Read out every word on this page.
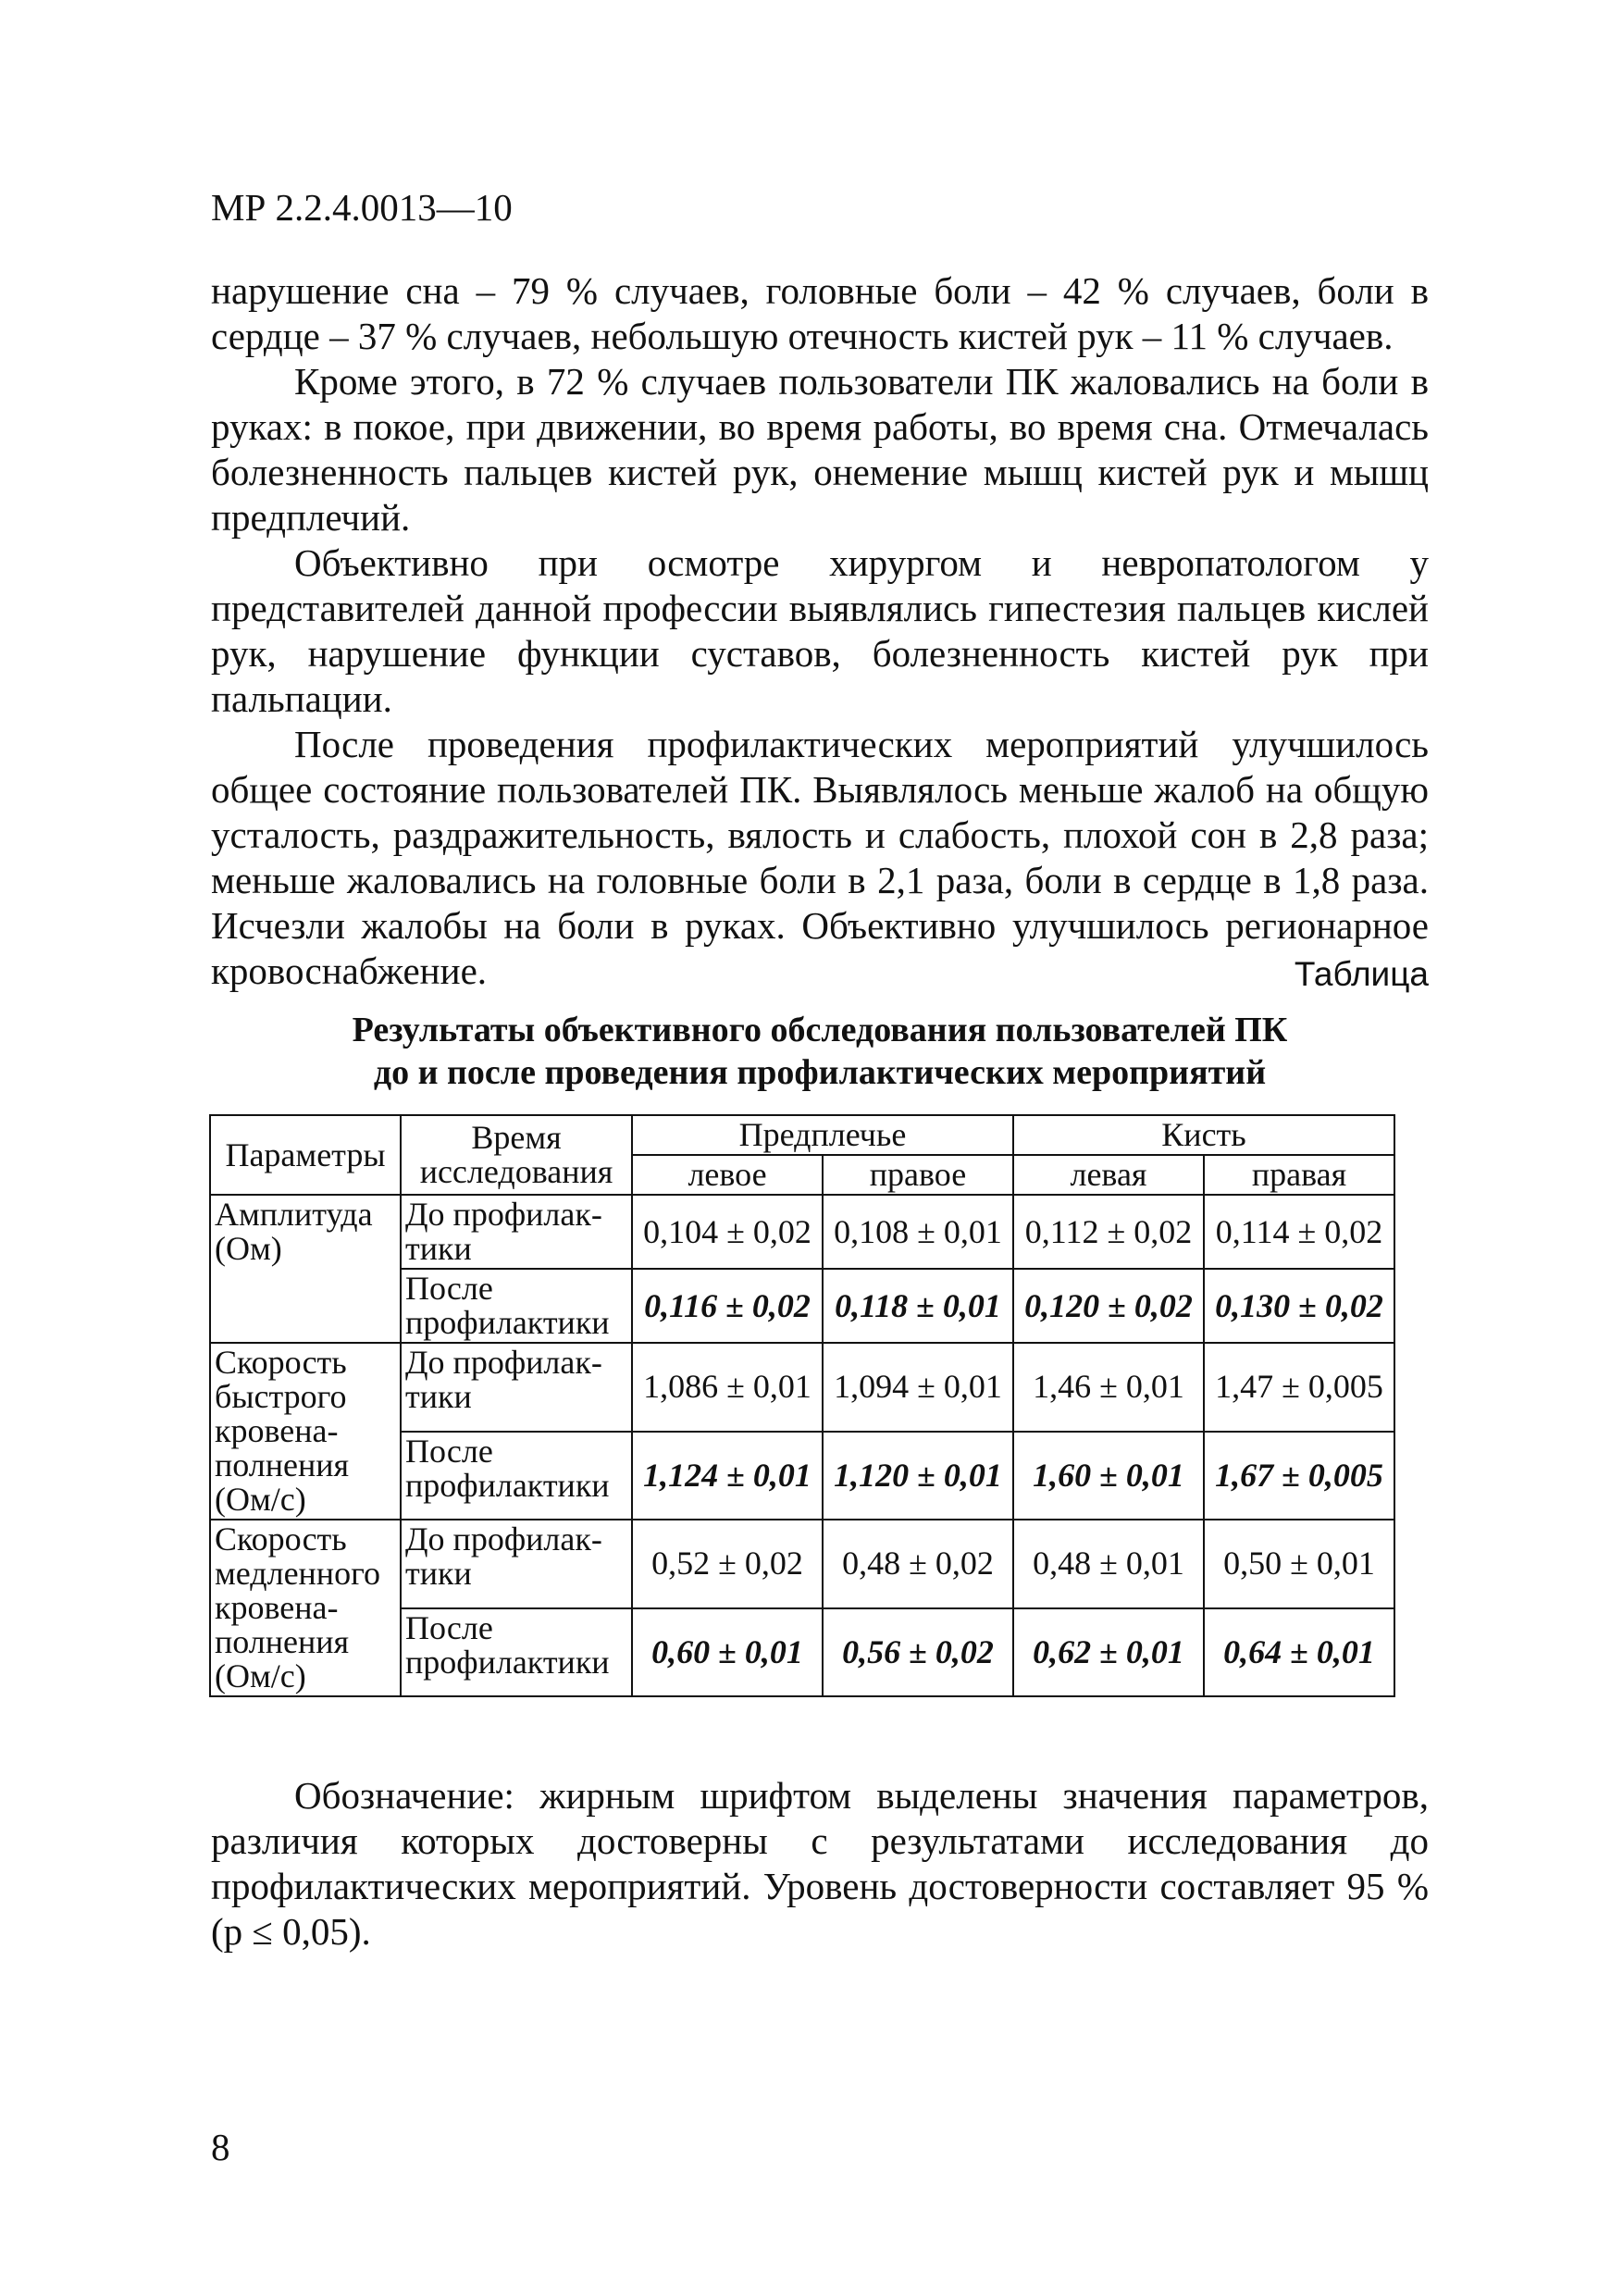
МР 2.2.4.0013—10

нарушение сна – 79 % случаев, головные боли – 42 % случаев, боли в сердце – 37 % случаев, небольшую отечность кистей рук – 11 % случаев.

Кроме этого, в 72 % случаев пользователи ПК жаловались на боли в руках: в покое, при движении, во время работы, во время сна. Отмечалась болезненность пальцев кистей рук, онемение мышц кистей рук и мышц предплечий.

Объективно при осмотре хирургом и невропатологом у представителей данной профессии выявлялись гипестезия пальцев кислей рук, нарушение функции суставов, болезненность кистей рук при пальпации.

После проведения профилактических мероприятий улучшилось общее состояние пользователей ПК. Выявлялось меньше жалоб на общую усталость, раздражительность, вялость и слабость, плохой сон в 2,8 раза; меньше жаловались на головные боли в 2,1 раза, боли в сердце в 1,8 раза. Исчезли жалобы на боли в руках. Объективно улучшилось регионарное кровоснабжение.	Таблица
Результаты объективного обследования пользователей ПК
до и после проведения профилактических мероприятий
Параметры	Время исследования	Предплечье		Кисть	
		левое	правое	левая	правая
Амплитуда (Ом)	До профилак-тики	0,104 ± 0,02	0,108 ± 0,01	0,112 ± 0,02	0,114 ± 0,02
	После профилактики	0,116 ± 0,02	0,118 ± 0,01	0,120 ± 0,02	0,130 ± 0,02
Скорость быстрого кровена-полнения (Ом/с)	До профилак-тики	1,086 ± 0,01	1,094 ± 0,01	1,46 ± 0,01	1,47 ± 0,005
	После профилактики	1,124 ± 0,01	1,120 ± 0,01	1,60 ± 0,01	1,67 ± 0,005
Скорость медленного кровена-полнения (Ом/с)	До профилак-тики	0,52 ± 0,02	0,48 ± 0,02	0,48 ± 0,01	0,50 ± 0,01
	После профилактики	0,60 ± 0,01	0,56 ± 0,02	0,62 ± 0,01	0,64 ± 0,01

Обозначение: жирным шрифтом выделены значения параметров, различия которых достоверны с результатами исследования до профилактических мероприятий. Уровень достоверности составляет 95 % (p ≤ 0,05).

8
